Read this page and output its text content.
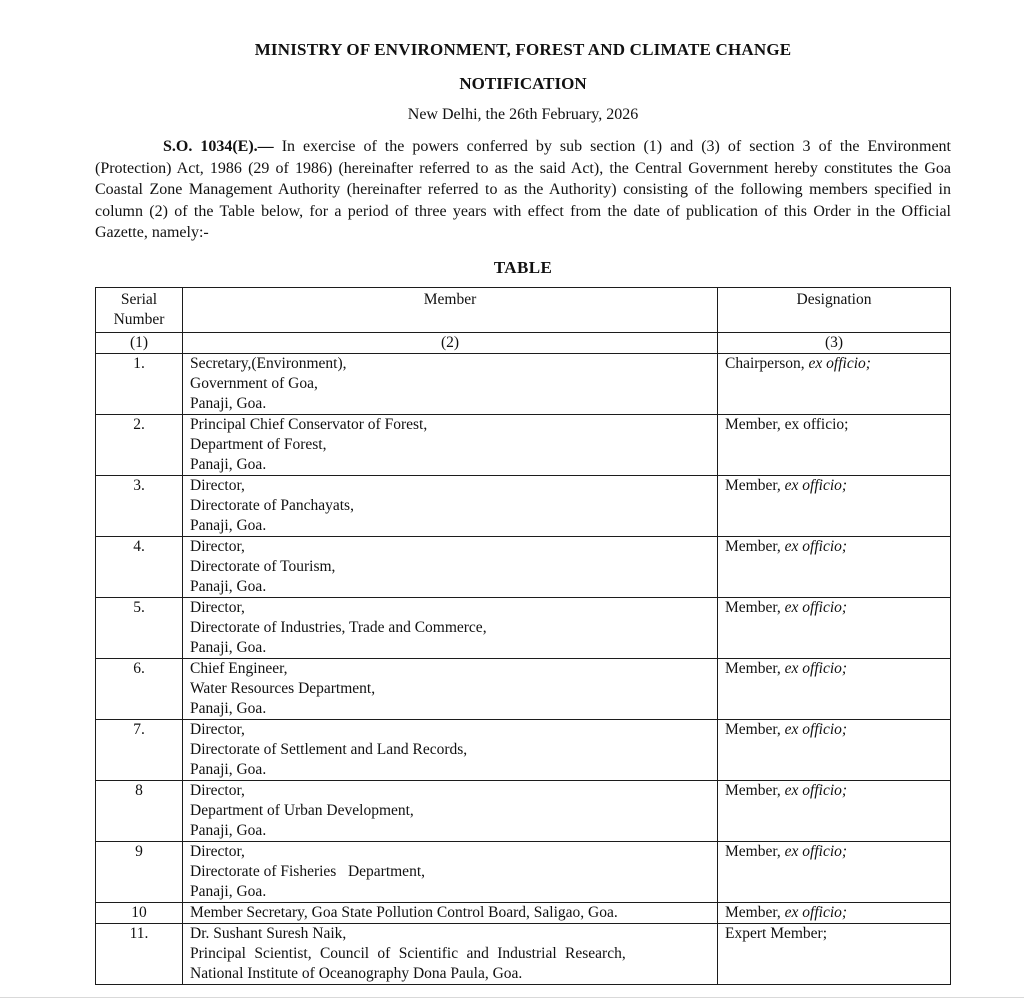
MINISTRY OF ENVIRONMENT, FOREST AND CLIMATE CHANGE
NOTIFICATION
New Delhi, the 26th February, 2026

S.O. 1034(E).— In exercise of the powers conferred by sub section (1) and (3) of section 3 of the Environment (Protection) Act, 1986 (29 of 1986) (hereinafter referred to as the said Act), the Central Government hereby constitutes the Goa Coastal Zone Management Authority (hereinafter referred to as the Authority) consisting of the following members specified in column (2) of the Table below, for a period of three years with effect from the date of publication of this Order in the Official Gazette, namely:-

TABLE
Serial Number	Member	Designation
(1)	(2)	(3)
1.	Secretary,(Environment),
Government of Goa,
Panaji, Goa.	Chairperson, ex officio;
2.	Principal Chief Conservator of Forest,
Department of Forest,
Panaji, Goa.	Member, ex officio;
3.	Director,
Directorate of Panchayats,
Panaji, Goa.	Member, ex officio;
4.	Director,
Directorate of Tourism,
Panaji, Goa.	Member, ex officio;
5.	Director,
Directorate of Industries, Trade and Commerce,
Panaji, Goa.	Member, ex officio;
6.	Chief Engineer,
Water Resources Department,
Panaji, Goa.	Member, ex officio;
7.	Director,
Directorate of Settlement and Land Records,
Panaji, Goa.	Member, ex officio;
8	Director,
Department of Urban Development,
Panaji, Goa.	Member, ex officio;
9	Director,
Directorate of Fisheries   Department,
Panaji, Goa.	Member, ex officio;
10	Member Secretary, Goa State Pollution Control Board, Saligao, Goa.	Member, ex officio;
11.	Dr. Sushant Suresh Naik,
Principal Scientist, Council of Scientific and Industrial Research,
National Institute of Oceanography Dona Paula, Goa.	Expert Member;
